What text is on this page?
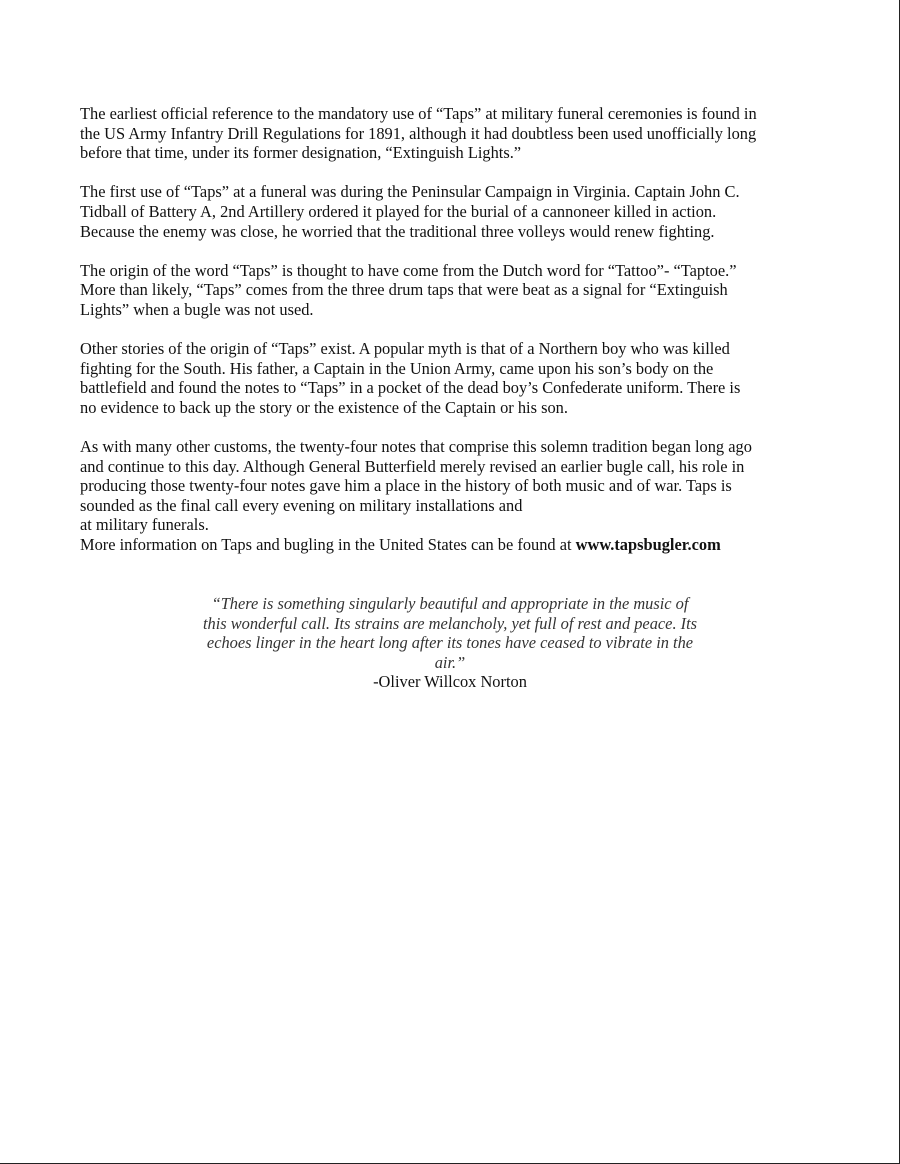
The earliest official reference to the mandatory use of “Taps” at military funeral ceremonies is found in
the US Army Infantry Drill Regulations for 1891, although it had doubtless been used unofficially long
before that time, under its former designation, “Extinguish Lights.”

The first use of “Taps” at a funeral was during the Peninsular Campaign in Virginia. Captain John C.
Tidball of Battery A, 2nd Artillery ordered it played for the burial of a cannoneer killed in action.
Because the enemy was close, he worried that the traditional three volleys would renew fighting.

The origin of the word “Taps” is thought to have come from the Dutch word for “Tattoo”- “Taptoe.”
More than likely, “Taps” comes from the three drum taps that were beat as a signal for “Extinguish
Lights” when a bugle was not used.

Other stories of the origin of “Taps” exist. A popular myth is that of a Northern boy who was killed
fighting for the South. His father, a Captain in the Union Army, came upon his son’s body on the
battlefield and found the notes to “Taps” in a pocket of the dead boy’s Confederate uniform. There is
no evidence to back up the story or the existence of the Captain or his son.

As with many other customs, the twenty-four notes that comprise this solemn tradition began long ago
and continue to this day. Although General Butterfield merely revised an earlier bugle call, his role in
producing those twenty-four notes gave him a place in the history of both music and of war. Taps is
sounded as the final call every evening on military installations and
at military funerals.
More information on Taps and bugling in the United States can be found at www.tapsbugler.com

“There is something singularly beautiful and appropriate in the music of
this wonderful call. Its strains are melancholy, yet full of rest and peace. Its
echoes linger in the heart long after its tones have ceased to vibrate in the
air.”
-Oliver Willcox Norton
